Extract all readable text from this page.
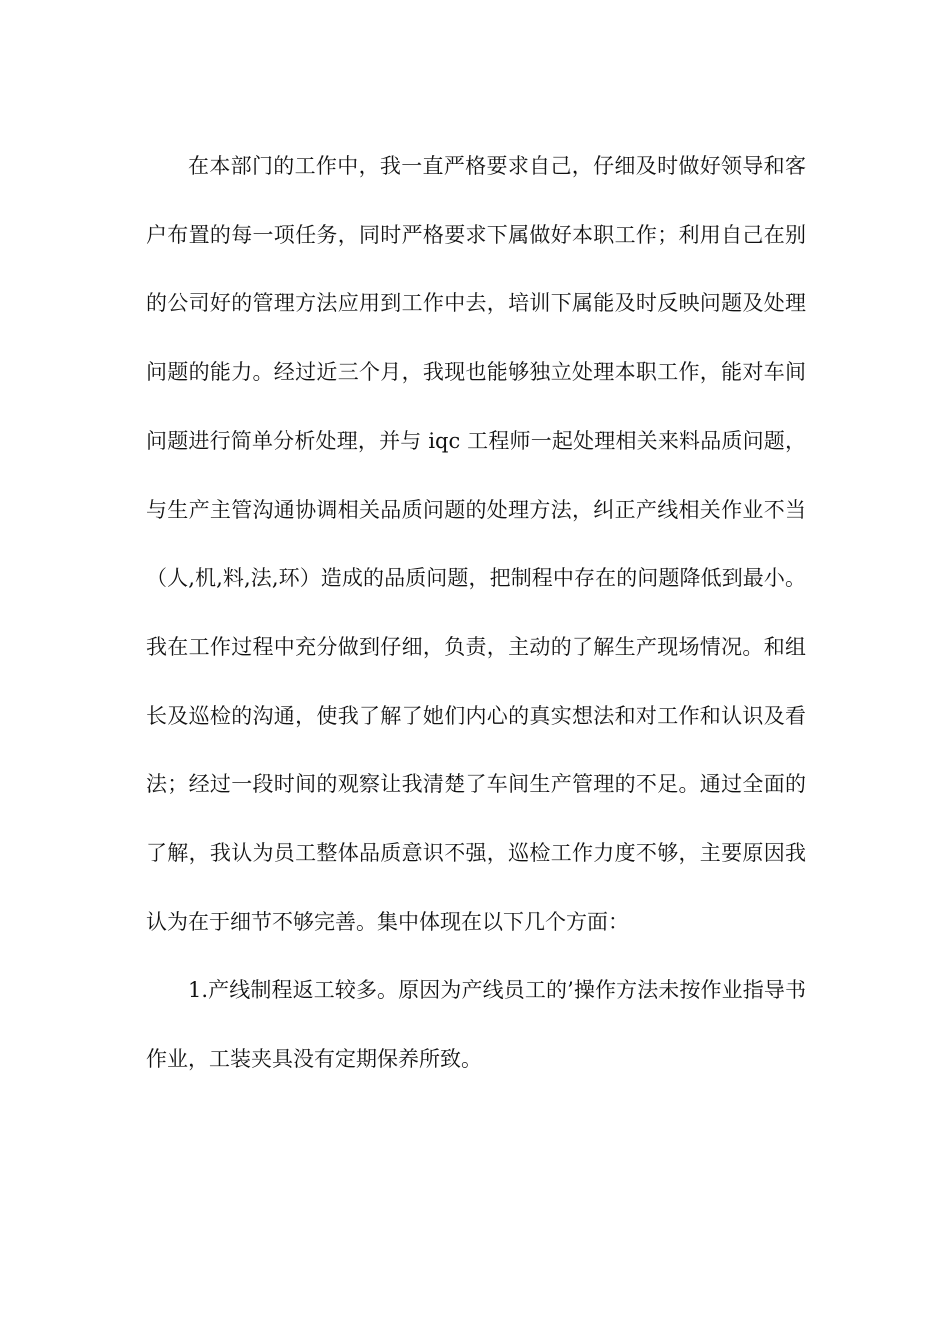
在本部门的工作中，我一直严格要求自己，仔细及时做好领导和客户布置的每一项任务，同时严格要求下属做好本职工作；利用自己在别的公司好的管理方法应用到工作中去，培训下属能及时反映问题及处理问题的能力。经过近三个月，我现也能够独立处理本职工作，能对车间问题进行简单分析处理，并与 iqc 工程师一起处理相关来料品质问题，与生产主管沟通协调相关品质问题的处理方法，纠正产线相关作业不当（人,机,料,法,环）造成的品质问题，把制程中存在的问题降低到最小。我在工作过程中充分做到仔细，负责，主动的了解生产现场情况。和组长及巡检的沟通，使我了解了她们内心的真实想法和对工作和认识及看法；经过一段时间的观察让我清楚了车间生产管理的不足。通过全面的了解，我认为员工整体品质意识不强，巡检工作力度不够，主要原因我认为在于细节不够完善。集中体现在以下几个方面：

1.产线制程返工较多。原因为产线员工的’操作方法未按作业指导书作业，工装夹具没有定期保养所致。
